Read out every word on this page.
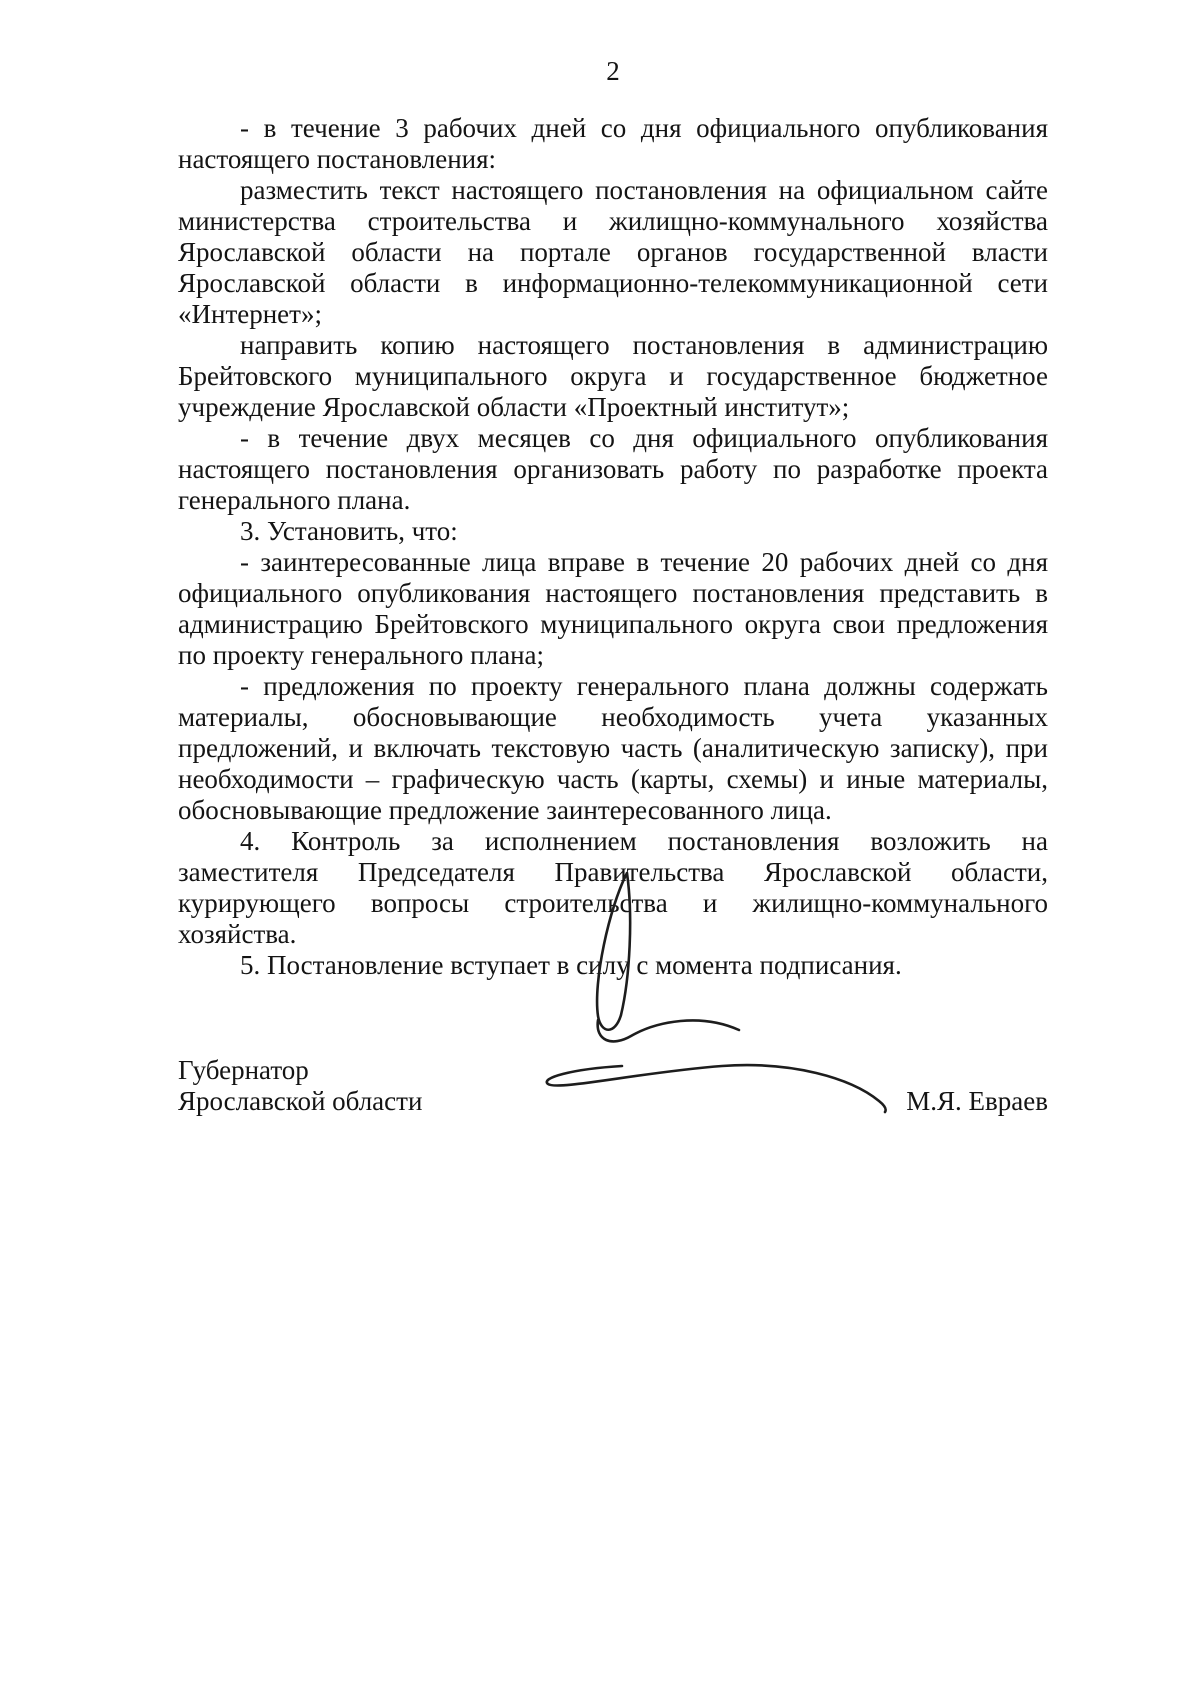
2

- в течение 3 рабочих дней со дня официального опубликования настоящего постановления:

разместить текст настоящего постановления на официальном сайте министерства строительства и жилищно-коммунального хозяйства Ярославской области на портале органов государственной власти Ярославской области в информационно-телекоммуникационной сети «Интернет»;

направить копию настоящего постановления в администрацию Брейтовского муниципального округа и государственное бюджетное учреждение Ярославской области «Проектный институт»;

- в течение двух месяцев со дня официального опубликования настоящего постановления организовать работу по разработке проекта генерального плана.

3. Установить, что:

- заинтересованные лица вправе в течение 20 рабочих дней со дня официального опубликования настоящего постановления представить в администрацию Брейтовского муниципального округа свои предложения по проекту генерального плана;

- предложения по проекту генерального плана должны содержать материалы, обосновывающие необходимость учета указанных предложений, и включать текстовую часть (аналитическую записку), при необходимости – графическую часть (карты, схемы) и иные материалы, обосновывающие предложение заинтересованного лица.

4. Контроль за исполнением постановления возложить на заместителя Председателя Правительства Ярославской области, курирующего вопросы строительства и жилищно-коммунального хозяйства.

5. Постановление вступает в силу с момента подписания.

Губернатор
Ярославской области	М.Я. Евраев
